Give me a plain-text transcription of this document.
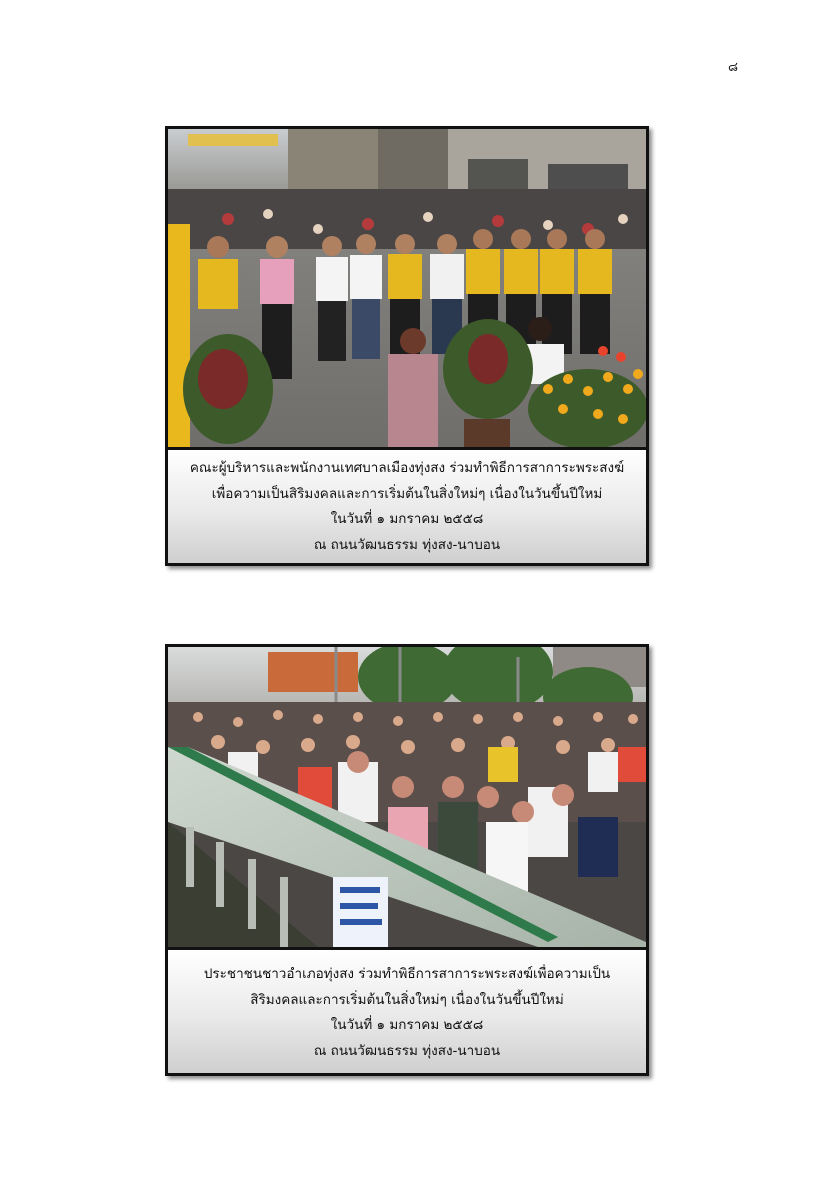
๘
คณะผู้บริหารและพนักงานเทศบาลเมืองทุ่งสง ร่วมทำพิธีการสาการะพระสงฆ์
เพื่อความเป็นสิริมงคลและการเริ่มต้นในสิ่งใหม่ๆ เนื่องในวันขึ้นปีใหม่
ในวันที่ ๑ มกราคม ๒๕๕๘
ณ ถนนวัฒนธรรม ทุ่งสง-นาบอน
ประชาชนชาวอำเภอทุ่งสง ร่วมทำพิธีการสาการะพระสงฆ์เพื่อความเป็น
สิริมงคลและการเริ่มต้นในสิ่งใหม่ๆ เนื่องในวันขึ้นปีใหม่
ในวันที่ ๑ มกราคม ๒๕๕๘
ณ ถนนวัฒนธรรม ทุ่งสง-นาบอน
